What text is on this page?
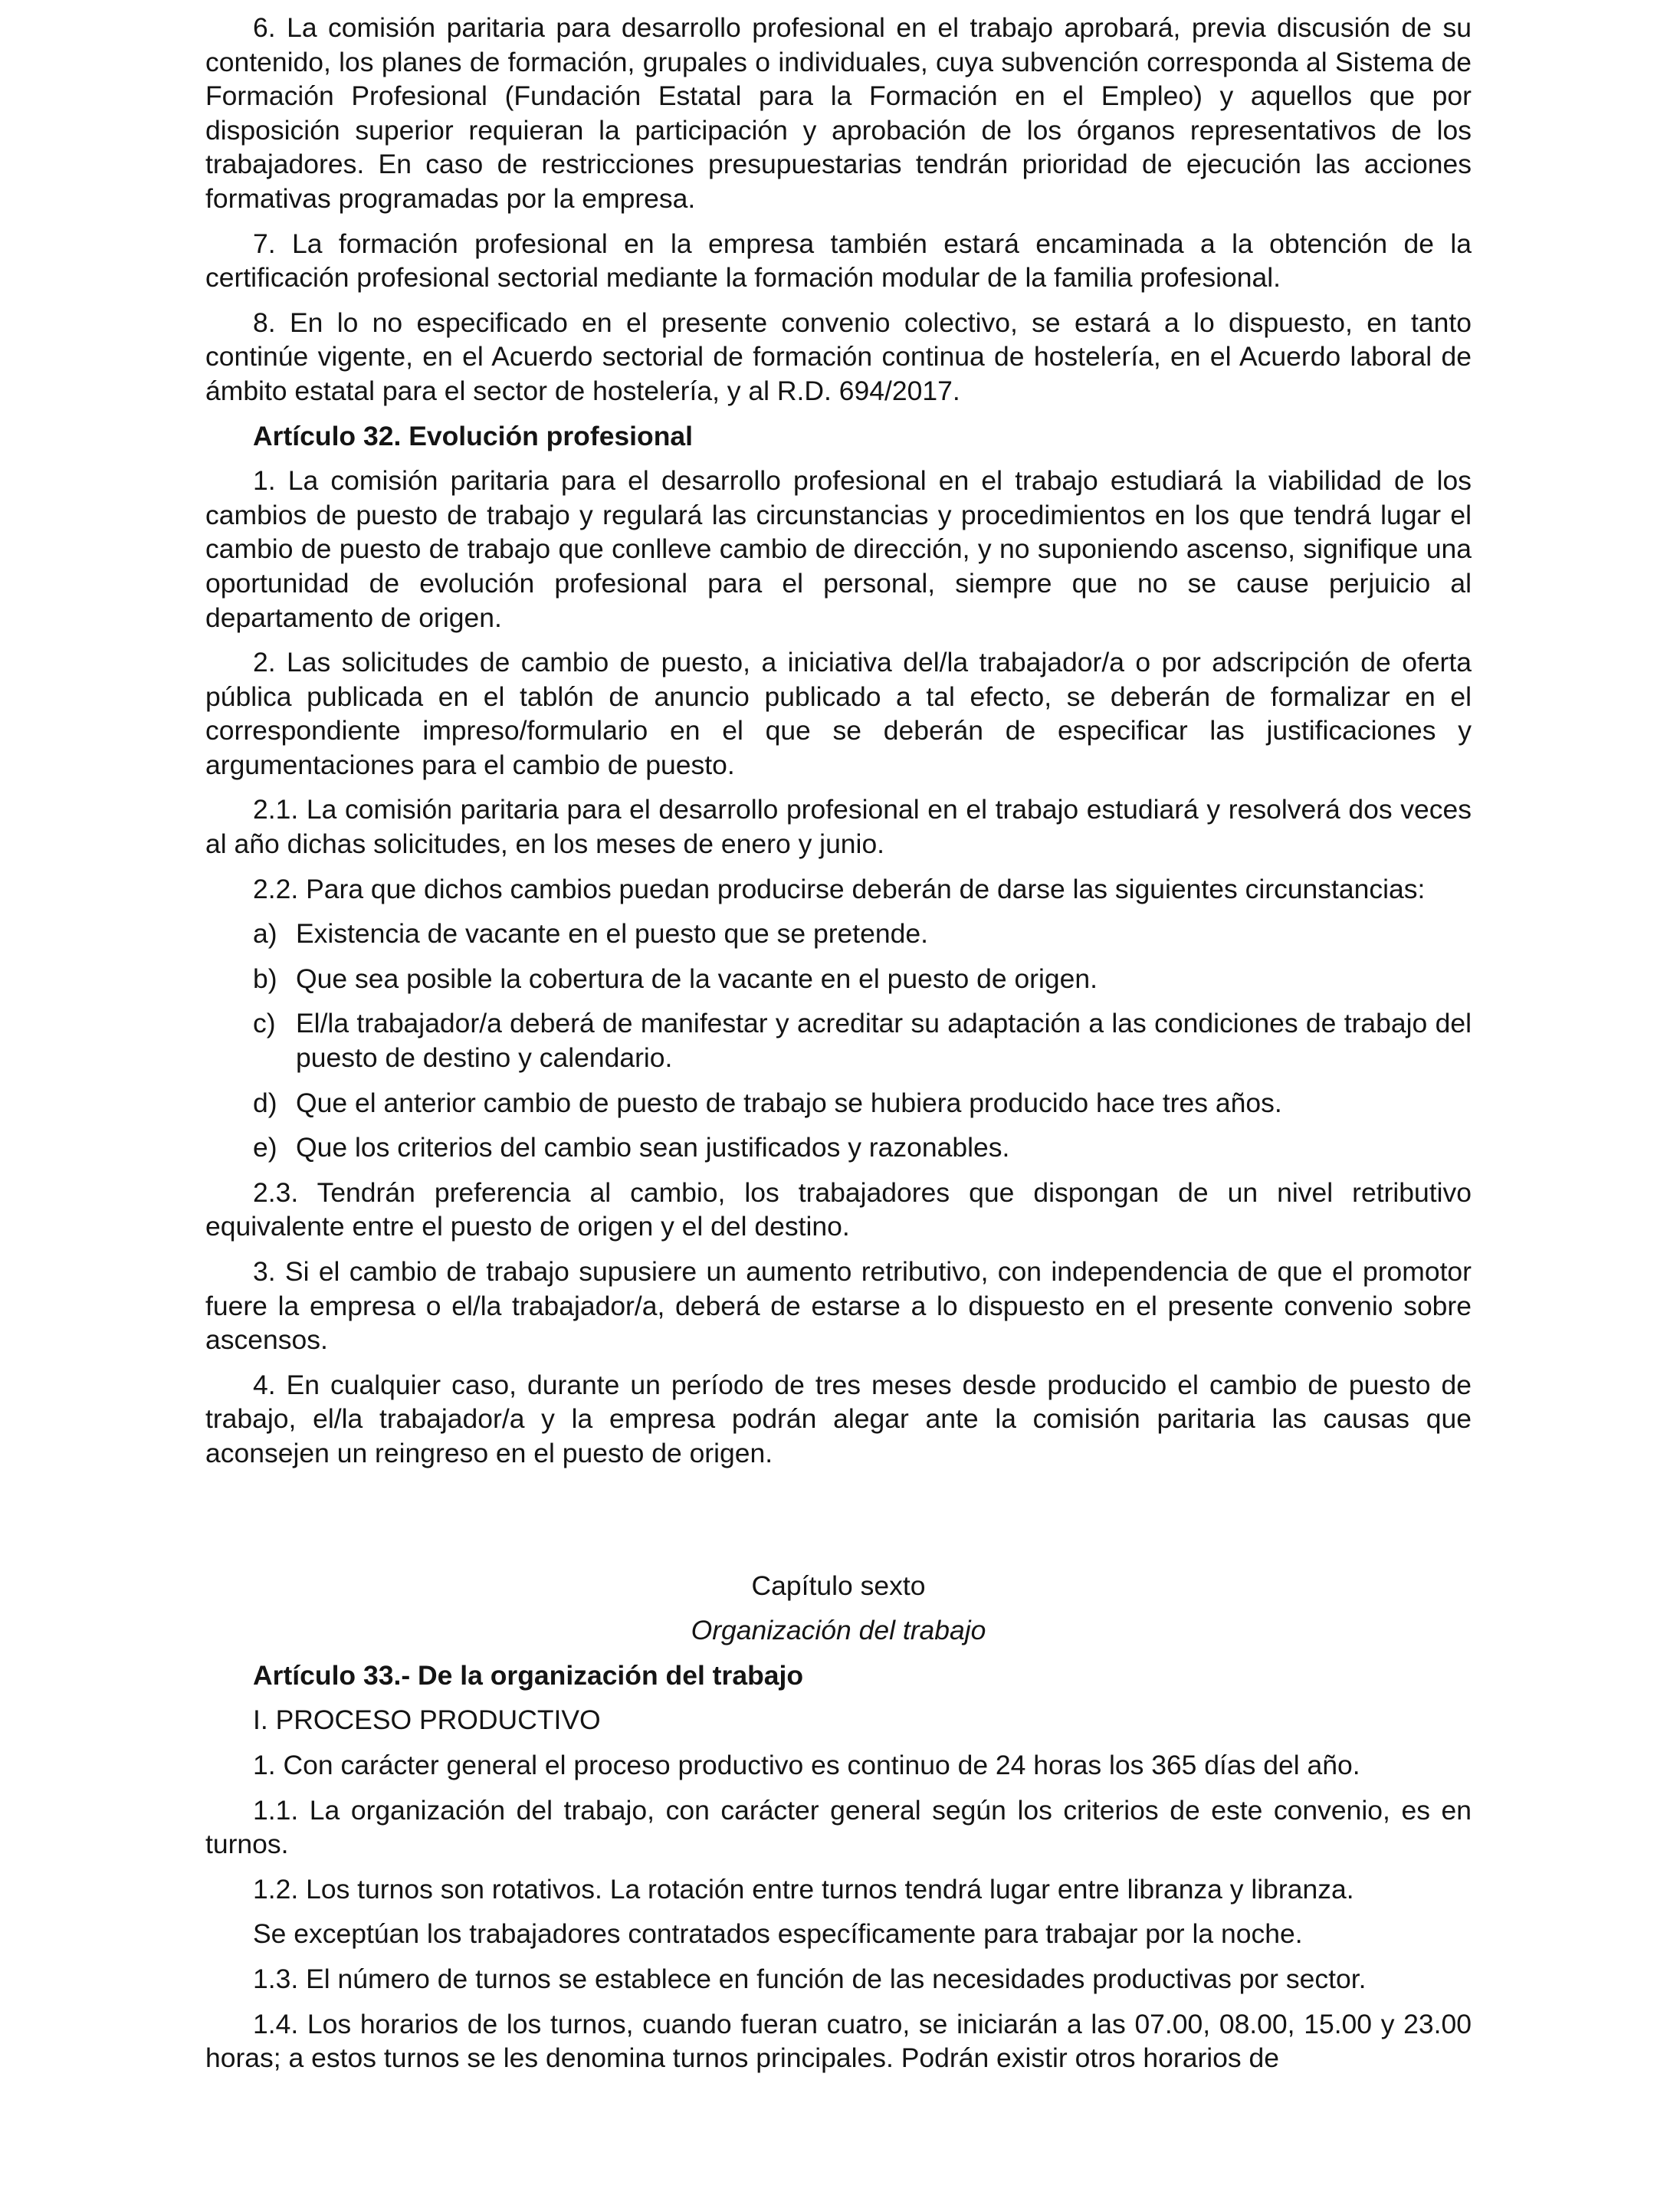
6. La comisión paritaria para desarrollo profesional en el trabajo aprobará, previa discusión de su contenido, los planes de formación, grupales o individuales, cuya subvención corresponda al Sistema de Formación Profesional (Fundación Estatal para la Formación en el Empleo) y aquellos que por disposición superior requieran la participación y aprobación de los órganos representativos de los trabajadores. En caso de restricciones presupuestarias tendrán prioridad de ejecución las acciones formativas programadas por la empresa.

7. La formación profesional en la empresa también estará encaminada a la obtención de la certificación profesional sectorial mediante la formación modular de la familia profesional.

8. En lo no especificado en el presente convenio colectivo, se estará a lo dispuesto, en tanto continúe vigente, en el Acuerdo sectorial de formación continua de hostelería, en el Acuerdo laboral de ámbito estatal para el sector de hostelería, y al R.D. 694/2017.

Artículo 32. Evolución profesional

1. La comisión paritaria para el desarrollo profesional en el trabajo estudiará la viabilidad de los cambios de puesto de trabajo y regulará las circunstancias y procedimientos en los que tendrá lugar el cambio de puesto de trabajo que conlleve cambio de dirección, y no suponiendo ascenso, signifique una oportunidad de evolución profesional para el personal, siempre que no se cause perjuicio al departamento de origen.

2. Las solicitudes de cambio de puesto, a iniciativa del/la trabajador/a o por adscripción de oferta pública publicada en el tablón de anuncio publicado a tal efecto, se deberán de formalizar en el correspondiente impreso/formulario en el que se deberán de especificar las justificaciones y argumentaciones para el cambio de puesto.

2.1. La comisión paritaria para el desarrollo profesional en el trabajo estudiará y resolverá dos veces al año dichas solicitudes, en los meses de enero y junio.

2.2. Para que dichos cambios puedan producirse deberán de darse las siguientes circunstancias:

a) Existencia de vacante en el puesto que se pretende.
b) Que sea posible la cobertura de la vacante en el puesto de origen.
c) El/la trabajador/a deberá de manifestar y acreditar su adaptación a las condiciones de trabajo del puesto de destino y calendario.
d) Que el anterior cambio de puesto de trabajo se hubiera producido hace tres años.
e) Que los criterios del cambio sean justificados y razonables.

2.3. Tendrán preferencia al cambio, los trabajadores que dispongan de un nivel retributivo equivalente entre el puesto de origen y el del destino.

3. Si el cambio de trabajo supusiere un aumento retributivo, con independencia de que el promotor fuere la empresa o el/la trabajador/a, deberá de estarse a lo dispuesto en el presente convenio sobre ascensos.

4. En cualquier caso, durante un período de tres meses desde producido el cambio de puesto de trabajo, el/la trabajador/a y la empresa podrán alegar ante la comisión paritaria las causas que aconsejen un reingreso en el puesto de origen.

Capítulo sexto

Organización del trabajo

Artículo 33.- De la organización del trabajo

I. PROCESO PRODUCTIVO

1. Con carácter general el proceso productivo es continuo de 24 horas los 365 días del año.

1.1. La organización del trabajo, con carácter general según los criterios de este convenio, es en turnos.

1.2. Los turnos son rotativos. La rotación entre turnos tendrá lugar entre libranza y libranza.

Se exceptúan los trabajadores contratados específicamente para trabajar por la noche.

1.3. El número de turnos se establece en función de las necesidades productivas por sector.

1.4. Los horarios de los turnos, cuando fueran cuatro, se iniciarán a las 07.00, 08.00, 15.00 y 23.00 horas; a estos turnos se les denomina turnos principales. Podrán existir otros horarios de
